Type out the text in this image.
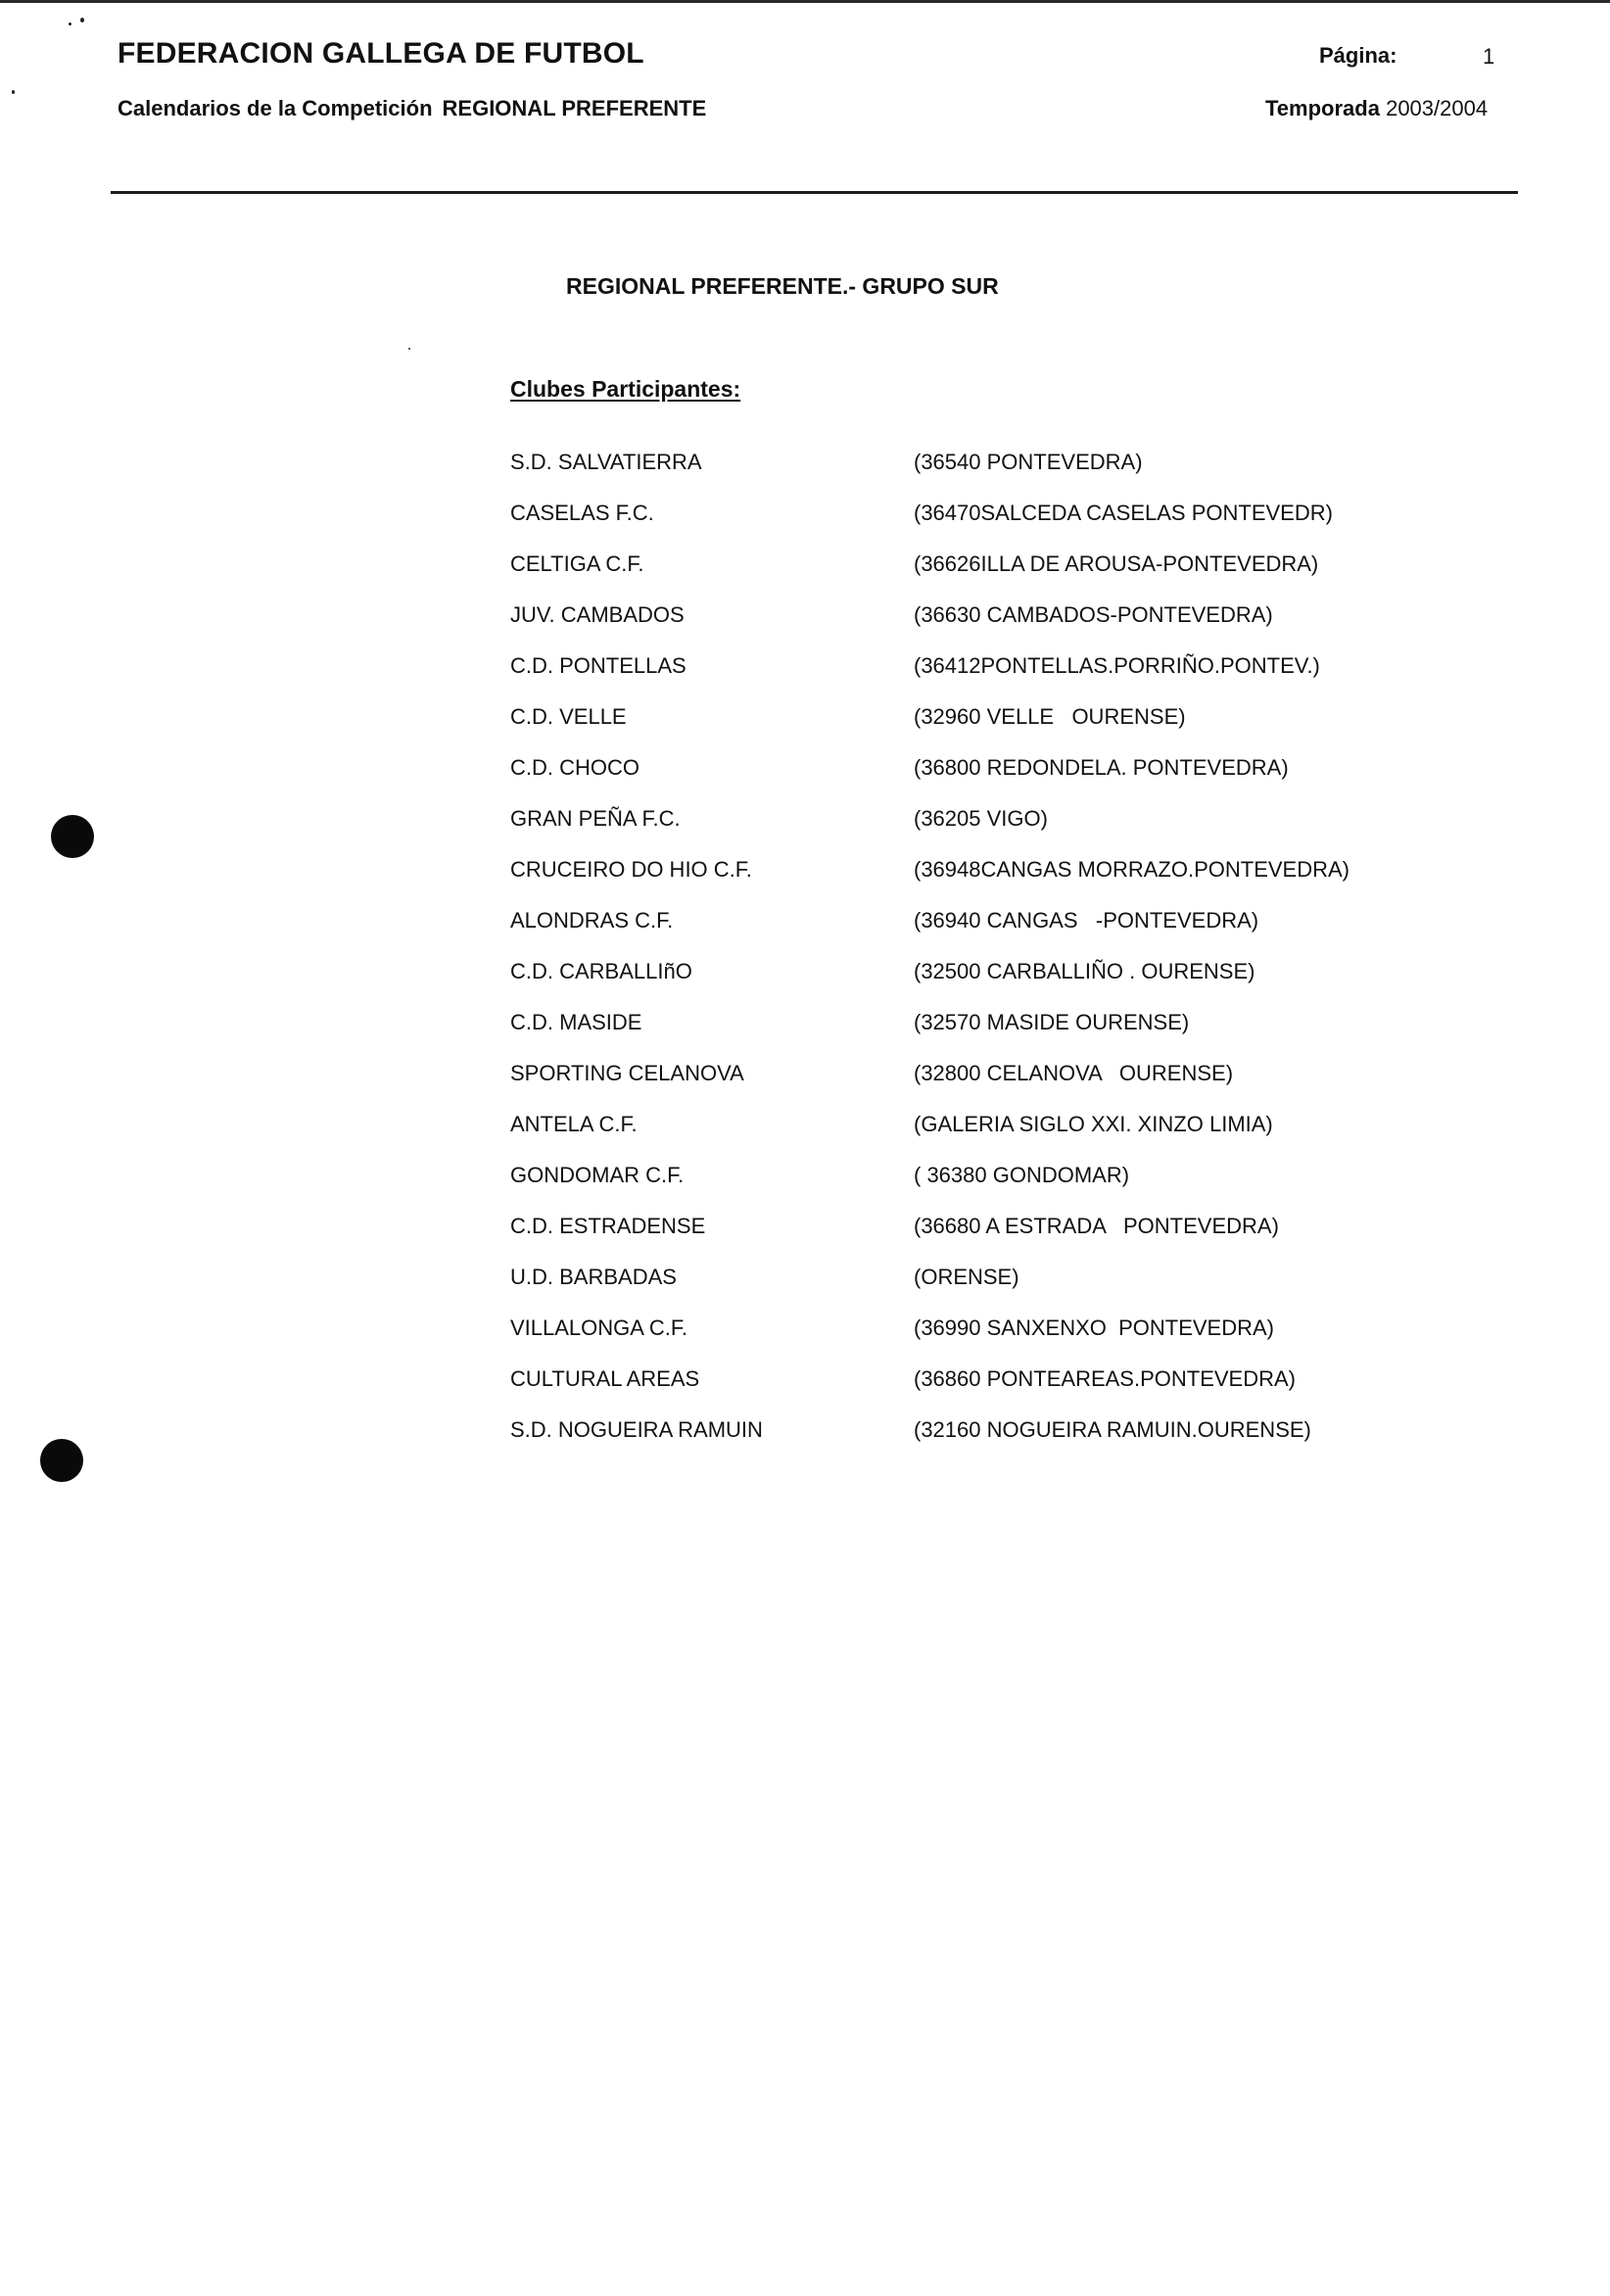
FEDERACION GALLEGA DE FUTBOL
Calendarios de la Competición REGIONAL PREFERENTE
Página:	1
Temporada 2003/2004
REGIONAL PREFERENTE.- GRUPO SUR
Clubes Participantes:
S.D. SALVATIERRA	(36540 PONTEVEDRA)
CASELAS F.C.	(36470SALCEDA CASELAS PONTEVEDR)
CELTIGA C.F.	(36626ILLA DE AROUSA-PONTEVEDRA)
JUV. CAMBADOS	(36630 CAMBADOS-PONTEVEDRA)
C.D. PONTELLAS	(36412PONTELLAS.PORRIÑO.PONTEV.)
C.D. VELLE	(32960 VELLE   OURENSE)
C.D. CHOCO	(36800 REDONDELA. PONTEVEDRA)
GRAN PEÑA F.C.	(36205 VIGO)
CRUCEIRO DO HIO C.F.	(36948CANGAS MORRAZO.PONTEVEDRA)
ALONDRAS C.F.	(36940 CANGAS   -PONTEVEDRA)
C.D. CARBALLIñO	(32500 CARBALLIÑO . OURENSE)
C.D. MASIDE	(32570 MASIDE OURENSE)
SPORTING CELANOVA	(32800 CELANOVA   OURENSE)
ANTELA C.F.	(GALERIA SIGLO XXI. XINZO LIMIA)
GONDOMAR C.F.	( 36380 GONDOMAR)
C.D. ESTRADENSE	(36680 A ESTRADA   PONTEVEDRA)
U.D. BARBADAS	(ORENSE)
VILLALONGA C.F.	(36990 SANXENXO  PONTEVEDRA)
CULTURAL AREAS	(36860 PONTEAREAS.PONTEVEDRA)
S.D. NOGUEIRA RAMUIN	(32160 NOGUEIRA RAMUIN.OURENSE)
